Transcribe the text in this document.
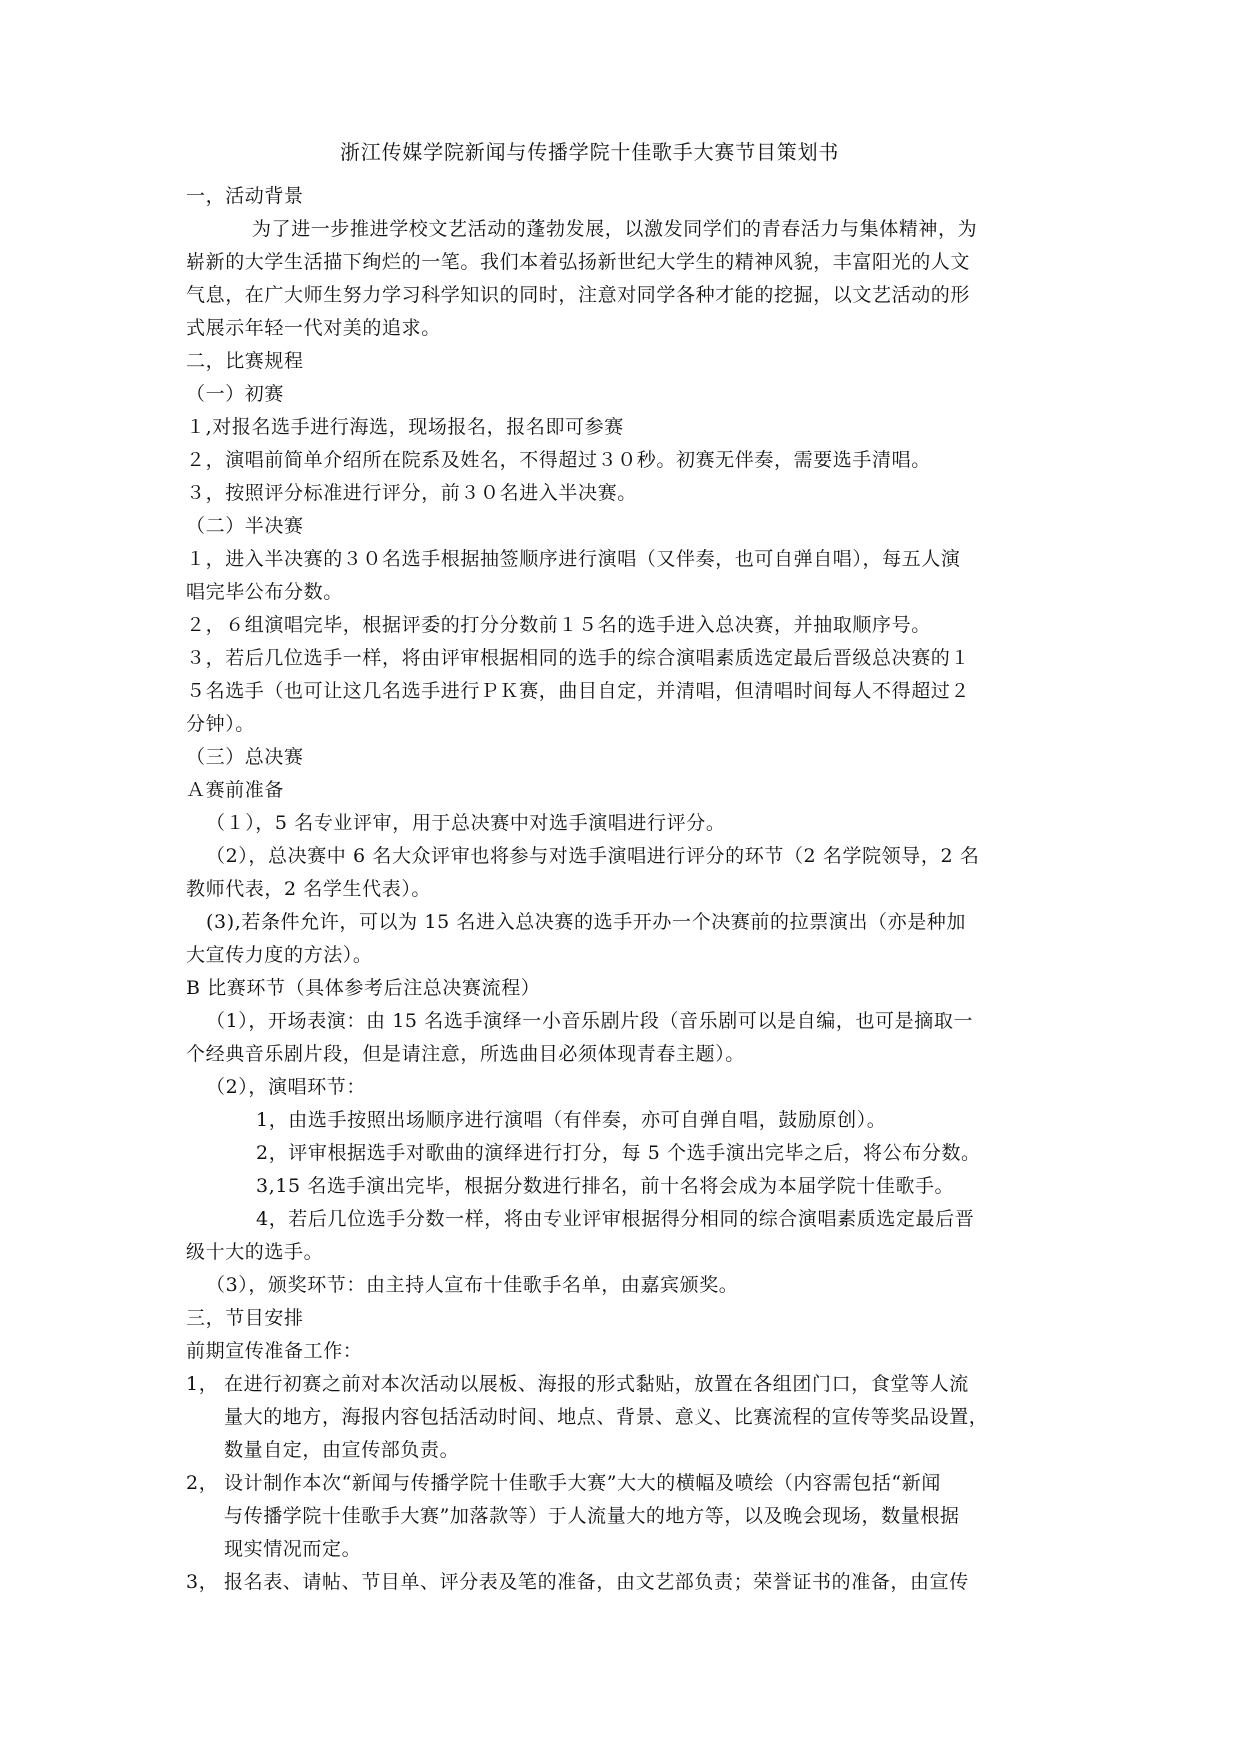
浙江传媒学院新闻与传播学院十佳歌手大赛节目策划书
一，活动背景
为了进一步推进学校文艺活动的蓬勃发展，以激发同学们的青春活力与集体精神，为
崭新的大学生活描下绚烂的一笔。我们本着弘扬新世纪大学生的精神风貌，丰富阳光的人文
气息，在广大师生努力学习科学知识的同时，注意对同学各种才能的挖掘，以文艺活动的形
式展示年轻一代对美的追求。
二，比赛规程
（一）初赛
１,对报名选手进行海选，现场报名，报名即可参赛
２，演唱前简单介绍所在院系及姓名，不得超过３０秒。初赛无伴奏，需要选手清唱。
３，按照评分标准进行评分，前３０名进入半决赛。
（二）半决赛
１，进入半决赛的３０名选手根据抽签顺序进行演唱（又伴奏，也可自弹自唱），每五人演
唱完毕公布分数。
２，６组演唱完毕，根据评委的打分分数前１５名的选手进入总决赛，并抽取顺序号。
３，若后几位选手一样，将由评审根据相同的选手的综合演唱素质选定最后晋级总决赛的１
５名选手（也可让这几名选手进行ＰＫ赛，曲目自定，并清唱，但清唱时间每人不得超过２
分钟）。
（三）总决赛
Ａ赛前准备
（１），5 名专业评审，用于总决赛中对选手演唱进行评分。
（2），总决赛中 6 名大众评审也将参与对选手演唱进行评分的环节（2 名学院领导，2 名
教师代表，2 名学生代表）。
(3),若条件允许，可以为 15 名进入总决赛的选手开办一个决赛前的拉票演出（亦是种加
大宣传力度的方法）。
B 比赛环节（具体参考后注总决赛流程）
（1），开场表演：由 15 名选手演绎一小音乐剧片段（音乐剧可以是自编，也可是摘取一
个经典音乐剧片段，但是请注意，所选曲目必须体现青春主题）。
（2），演唱环节：
1，由选手按照出场顺序进行演唱（有伴奏，亦可自弹自唱，鼓励原创）。
2，评审根据选手对歌曲的演绎进行打分，每 5 个选手演出完毕之后，将公布分数。
3,15 名选手演出完毕，根据分数进行排名，前十名将会成为本届学院十佳歌手。
4，若后几位选手分数一样，将由专业评审根据得分相同的综合演唱素质选定最后晋
级十大的选手。
（3），颁奖环节：由主持人宣布十佳歌手名单，由嘉宾颁奖。
三，节目安排
前期宣传准备工作：
1， 在进行初赛之前对本次活动以展板、海报的形式黏贴，放置在各组团门口，食堂等人流
量大的地方，海报内容包括活动时间、地点、背景、意义、比赛流程的宣传等奖品设置，
数量自定，由宣传部负责。
2， 设计制作本次“新闻与传播学院十佳歌手大赛”大大的横幅及喷绘（内容需包括“新闻
与传播学院十佳歌手大赛”加落款等）于人流量大的地方等，以及晚会现场，数量根据
现实情况而定。
3， 报名表、请帖、节目单、评分表及笔的准备，由文艺部负责；荣誉证书的准备，由宣传
